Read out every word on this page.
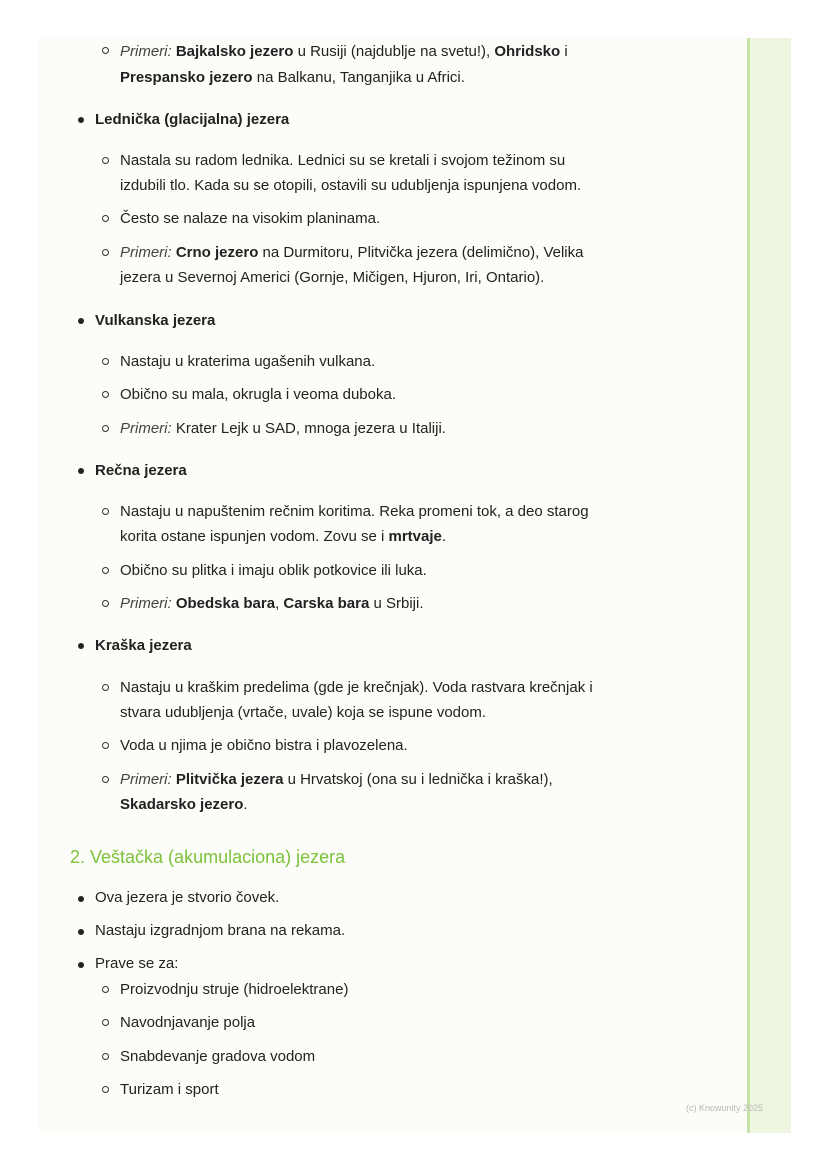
Primeri: Bajkalsko jezero u Rusiji (najdublje na svetu!), Ohridsko i
Prespansko jezero na Balkanu, Tanganjika u Africi.
Lednička (glacijalna) jezera
Nastala su radom lednika. Lednici su se kretali i svojom težinom su
izdubili tlo. Kada su se otopili, ostavili su udubljenja ispunjena vodom.
Često se nalaze na visokim planinama.
Primeri: Crno jezero na Durmitoru, Plitvička jezera (delimično), Velika
jezera u Severnoj Americi (Gornje, Mičigen, Hjuron, Iri, Ontario).
Vulkanska jezera
Nastaju u kraterima ugašenih vulkana.
Obično su mala, okrugla i veoma duboka.
Primeri: Krater Lejk u SAD, mnoga jezera u Italiji.
Rečna jezera
Nastaju u napuštenim rečnim koritima. Reka promeni tok, a deo starog
korita ostane ispunjen vodom. Zovu se i mrtvaje.
Obično su plitka i imaju oblik potkovice ili luka.
Primeri: Obedska bara, Carska bara u Srbiji.
Kraška jezera
Nastaju u kraškim predelima (gde je krečnjak). Voda rastvara krečnjak i
stvara udubljenja (vrtače, uvale) koja se ispune vodom.
Voda u njima je obično bistra i plavozelena.
Primeri: Plitvička jezera u Hrvatskoj (ona su i lednička i kraška!),
Skadarsko jezero.
2. Veštačka (akumulaciona) jezera
Ova jezera je stvorio čovek.
Nastaju izgradnjom brana na rekama.
Prave se za:
Proizvodnju struje (hidroelektrane)
Navodnjavanje polja
Snabdevanje gradova vodom
Turizam i sport
(c) Knowunity 2025
